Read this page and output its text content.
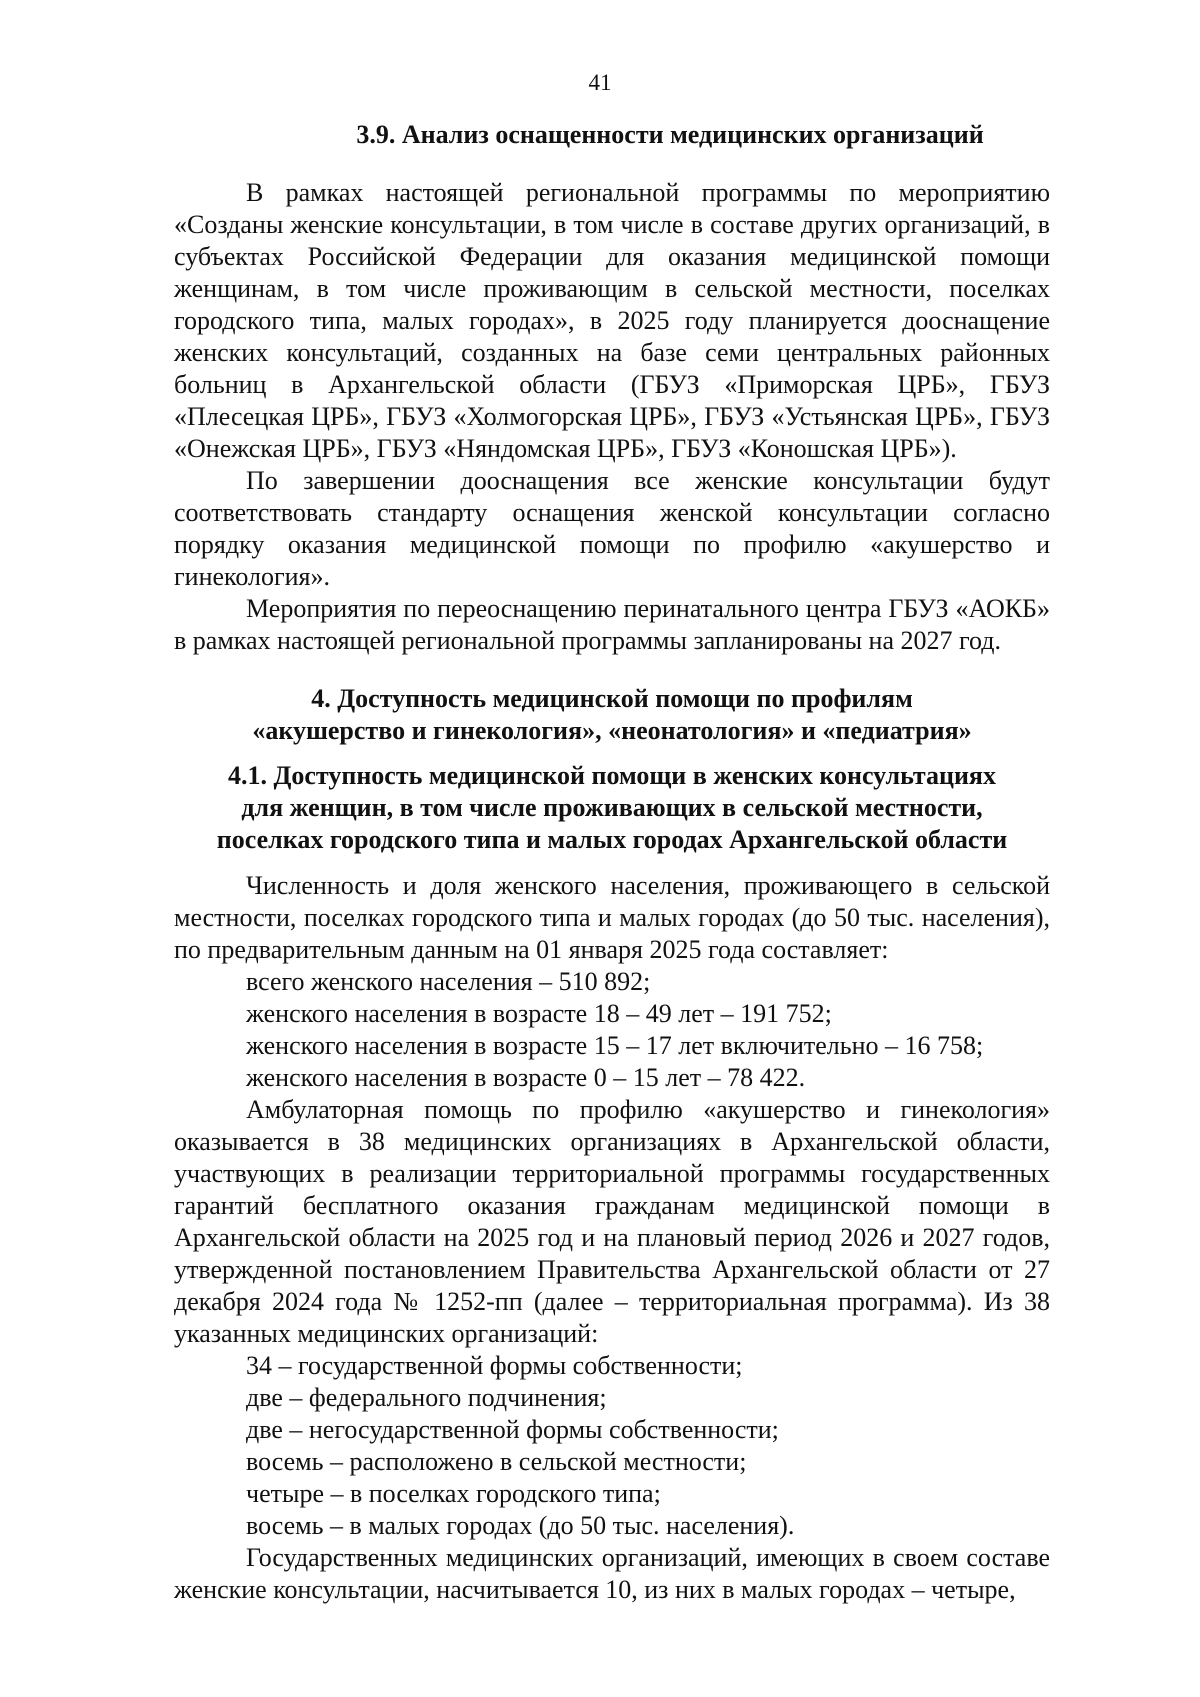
41
3.9. Анализ оснащенности медицинских организаций

В рамках настоящей региональной программы по мероприятию «Созданы женские консультации, в том числе в составе других организаций, в субъектах Российской Федерации для оказания медицинской помощи женщинам, в том числе проживающим в сельской местности, поселках городского типа, малых городах», в 2025 году планируется дооснащение женских консультаций, созданных на базе семи центральных районных больниц в Архангельской области (ГБУЗ «Приморская ЦРБ», ГБУЗ «Плесецкая ЦРБ», ГБУЗ «Холмогорская ЦРБ», ГБУЗ «Устьянская ЦРБ», ГБУЗ «Онежская ЦРБ», ГБУЗ «Няндомская ЦРБ», ГБУЗ «Коношская ЦРБ»).

По завершении дооснащения все женские консультации будут соответствовать стандарту оснащения женской консультации согласно порядку оказания медицинской помощи по профилю «акушерство и гинекология».

Мероприятия по переоснащению перинатального центра ГБУЗ «АОКБ» в рамках настоящей региональной программы запланированы на 2027 год.

4. Доступность медицинской помощи по профилям
«акушерство и гинекология», «неонатология» и «педиатрия»
4.1. Доступность медицинской помощи в женских консультациях
для женщин, в том числе проживающих в сельской местности,
поселках городского типа и малых городах Архангельской области

Численность и доля женского населения, проживающего в сельской местности, поселках городского типа и малых городах (до 50 тыс. населения), по предварительным данным на 01 января 2025 года составляет:

всего женского населения – 510 892;

женского населения в возрасте 18 – 49 лет – 191 752;

женского населения в возрасте 15 – 17 лет включительно – 16 758;

женского населения в возрасте 0 – 15 лет – 78 422.

Амбулаторная помощь по профилю «акушерство и гинекология» оказывается в 38 медицинских организациях в Архангельской области, участвующих в реализации территориальной программы государственных гарантий бесплатного оказания гражданам медицинской помощи в Архангельской области на 2025 год и на плановый период 2026 и 2027 годов, утвержденной постановлением Правительства Архангельской области от 27 декабря 2024 года № 1252-пп (далее – территориальная программа). Из 38 указанных медицинских организаций:

34 – государственной формы собственности;

две – федерального подчинения;

две – негосударственной формы собственности;

восемь – расположено в сельской местности;

четыре – в поселках городского типа;

восемь – в малых городах (до 50 тыс. населения).

Государственных медицинских организаций, имеющих в своем составе женские консультации, насчитывается 10, из них в малых городах – четыре,
